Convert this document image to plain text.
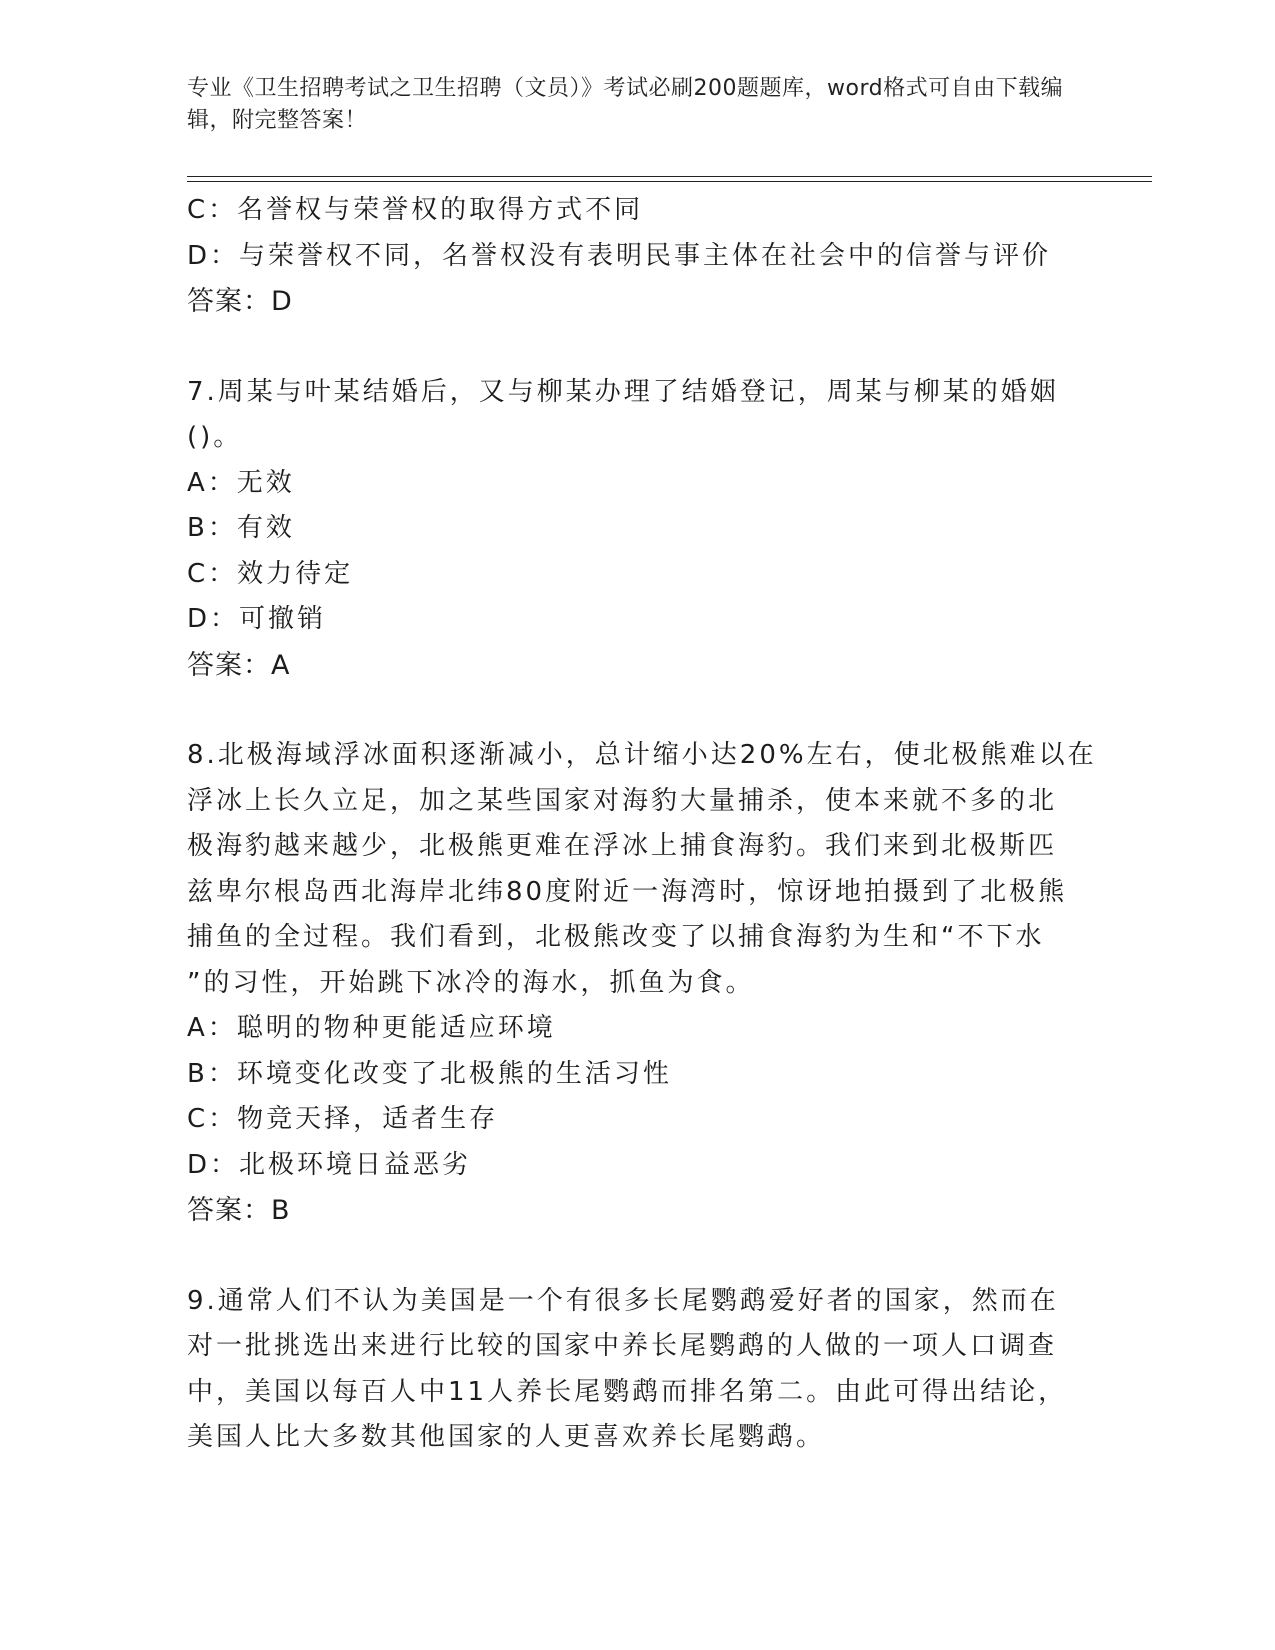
专业《卫生招聘考试之卫生招聘（文员）》考试必刷200题题库，word格式可自由下载编辑，附完整答案！
C：名誉权与荣誉权的取得方式不同
D：与荣誉权不同，名誉权没有表明民事主体在社会中的信誉与评价
答案：D
7.周某与叶某结婚后，又与柳某办理了结婚登记，周某与柳某的婚姻
()。
A：无效
B：有效
C：效力待定
D：可撤销
答案：A
8.北极海域浮冰面积逐渐减小，总计缩小达20%左右，使北极熊难以在
浮冰上长久立足，加之某些国家对海豹大量捕杀，使本来就不多的北
极海豹越来越少，北极熊更难在浮冰上捕食海豹。我们来到北极斯匹
兹卑尔根岛西北海岸北纬80度附近一海湾时，惊讶地拍摄到了北极熊
捕鱼的全过程。我们看到，北极熊改变了以捕食海豹为生和“不下水
”的习性，开始跳下冰冷的海水，抓鱼为食。
A：聪明的物种更能适应环境
B：环境变化改变了北极熊的生活习性
C：物竞天择，适者生存
D：北极环境日益恶劣
答案：B
9.通常人们不认为美国是一个有很多长尾鹦鹉爱好者的国家，然而在
对一批挑选出来进行比较的国家中养长尾鹦鹉的人做的一项人口调查
中，美国以每百人中11人养长尾鹦鹉而排名第二。由此可得出结论，
美国人比大多数其他国家的人更喜欢养长尾鹦鹉。
